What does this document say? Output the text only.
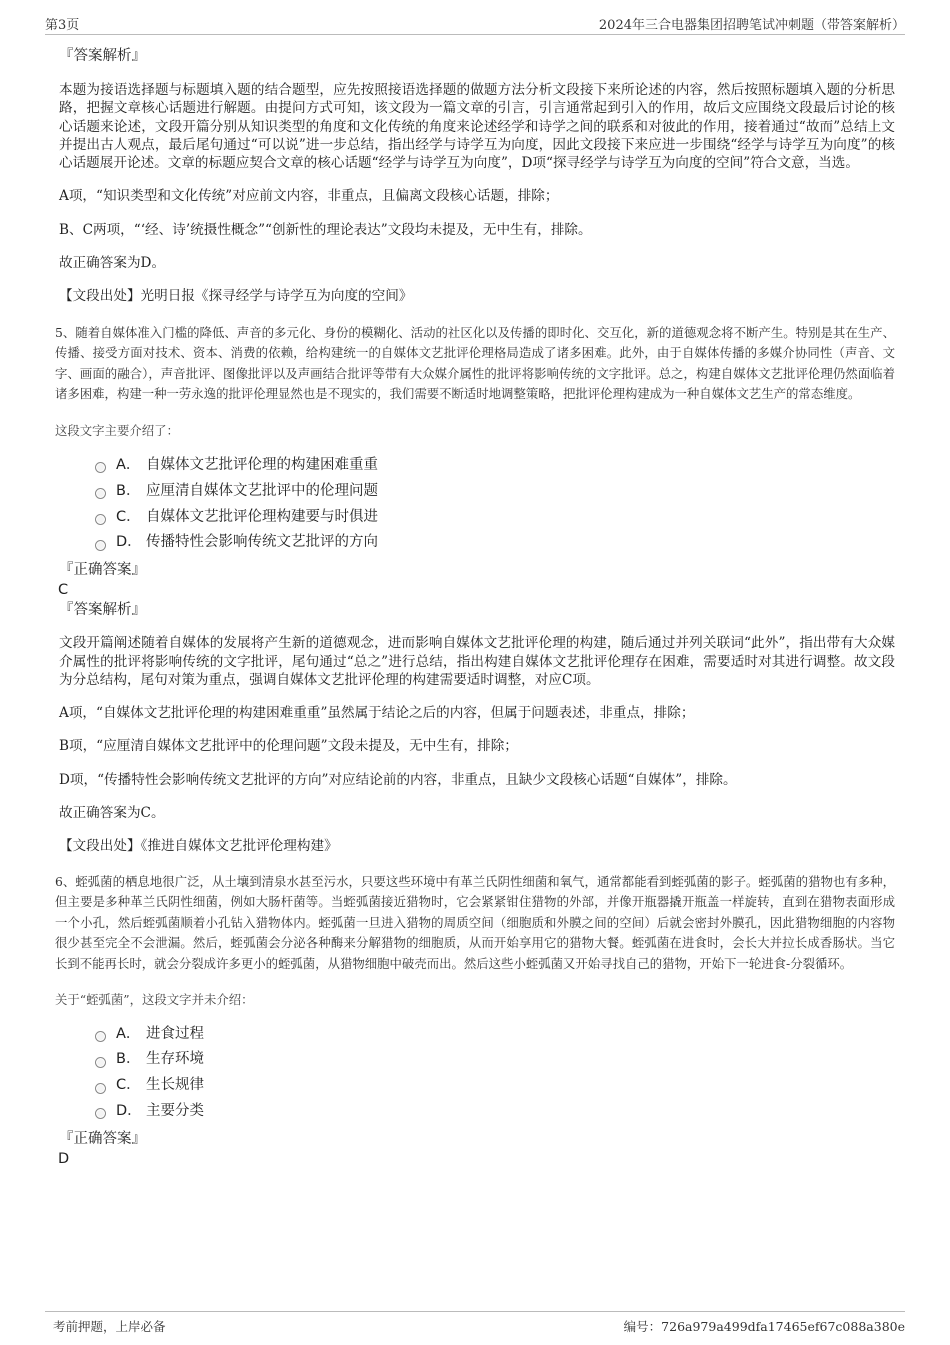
第3页	2024年三合电器集团招聘笔试冲刺题（带答案解析）
『答案解析』

本题为接语选择题与标题填入题的结合题型，应先按照接语选择题的做题方法分析文段接下来所论述的内容，然后按照标题填入题的分析思路，把握文章核心话题进行解题。由提问方式可知，该文段为一篇文章的引言，引言通常起到引入的作用，故后文应围绕文段最后讨论的核心话题来论述，文段开篇分别从知识类型的角度和文化传统的角度来论述经学和诗学之间的联系和对彼此的作用，接着通过“故而”总结上文并提出古人观点，最后尾句通过“可以说”进一步总结，指出经学与诗学互为向度，因此文段接下来应进一步围绕“经学与诗学互为向度”的核心话题展开论述。文章的标题应契合文章的核心话题“经学与诗学互为向度”，D项“探寻经学与诗学互为向度的空间”符合文意，当选。

A项，“知识类型和文化传统”对应前文内容，非重点，且偏离文段核心话题，排除；

B、C两项，“‘经、诗’统摄性概念”“创新性的理论表达”文段均未提及，无中生有，排除。

故正确答案为D。

【文段出处】光明日报《探寻经学与诗学互为向度的空间》

5、随着自媒体准入门槛的降低、声音的多元化、身份的模糊化、活动的社区化以及传播的即时化、交互化，新的道德观念将不断产生。特别是其在生产、传播、接受方面对技术、资本、消费的依赖，给构建统一的自媒体文艺批评伦理格局造成了诸多困难。此外，由于自媒体传播的多媒介协同性（声音、文字、画面的融合），声音批评、图像批评以及声画结合批评等带有大众媒介属性的批评将影响传统的文字批评。总之，构建自媒体文艺批评伦理仍然面临着诸多困难，构建一种一劳永逸的批评伦理显然也是不现实的，我们需要不断适时地调整策略，把批评伦理构建成为一种自媒体文艺生产的常态维度。

这段文字主要介绍了：

A． 自媒体文艺批评伦理的构建困难重重
B． 应厘清自媒体文艺批评中的伦理问题
C． 自媒体文艺批评伦理构建要与时俱进
D． 传播特性会影响传统文艺批评的方向
『正确答案』
C
『答案解析』

文段开篇阐述随着自媒体的发展将产生新的道德观念，进而影响自媒体文艺批评伦理的构建，随后通过并列关联词“此外”，指出带有大众媒介属性的批评将影响传统的文字批评，尾句通过“总之”进行总结，指出构建自媒体文艺批评伦理存在困难，需要适时对其进行调整。故文段为分总结构，尾句对策为重点，强调自媒体文艺批评伦理的构建需要适时调整，对应C项。

A项，“自媒体文艺批评伦理的构建困难重重”虽然属于结论之后的内容，但属于问题表述，非重点，排除；

B项，“应厘清自媒体文艺批评中的伦理问题”文段未提及，无中生有，排除；

D项，“传播特性会影响传统文艺批评的方向”对应结论前的内容，非重点，且缺少文段核心话题“自媒体”，排除。

故正确答案为C。

【文段出处】《推进自媒体文艺批评伦理构建》

6、蛭弧菌的栖息地很广泛，从土壤到清泉水甚至污水，只要这些环境中有革兰氏阴性细菌和氧气，通常都能看到蛭弧菌的影子。蛭弧菌的猎物也有多种，但主要是多种革兰氏阴性细菌，例如大肠杆菌等。当蛭弧菌接近猎物时，它会紧紧钳住猎物的外部，并像开瓶器撬开瓶盖一样旋转，直到在猎物表面形成一个小孔，然后蛭弧菌顺着小孔钻入猎物体内。蛭弧菌一旦进入猎物的周质空间（细胞质和外膜之间的空间）后就会密封外膜孔，因此猎物细胞的内容物很少甚至完全不会泄漏。然后，蛭弧菌会分泌各种酶来分解猎物的细胞质，从而开始享用它的猎物大餐。蛭弧菌在进食时，会长大并拉长成香肠状。当它长到不能再长时，就会分裂成许多更小的蛭弧菌，从猎物细胞中破壳而出。然后这些小蛭弧菌又开始寻找自己的猎物，开始下一轮进食-分裂循环。

关于“蛭弧菌”，这段文字并未介绍：

A． 进食过程
B． 生存环境
C． 生长规律
D． 主要分类
『正确答案』
D
考前押题，上岸必备	编号：726a979a499dfa17465ef67c088a380e
